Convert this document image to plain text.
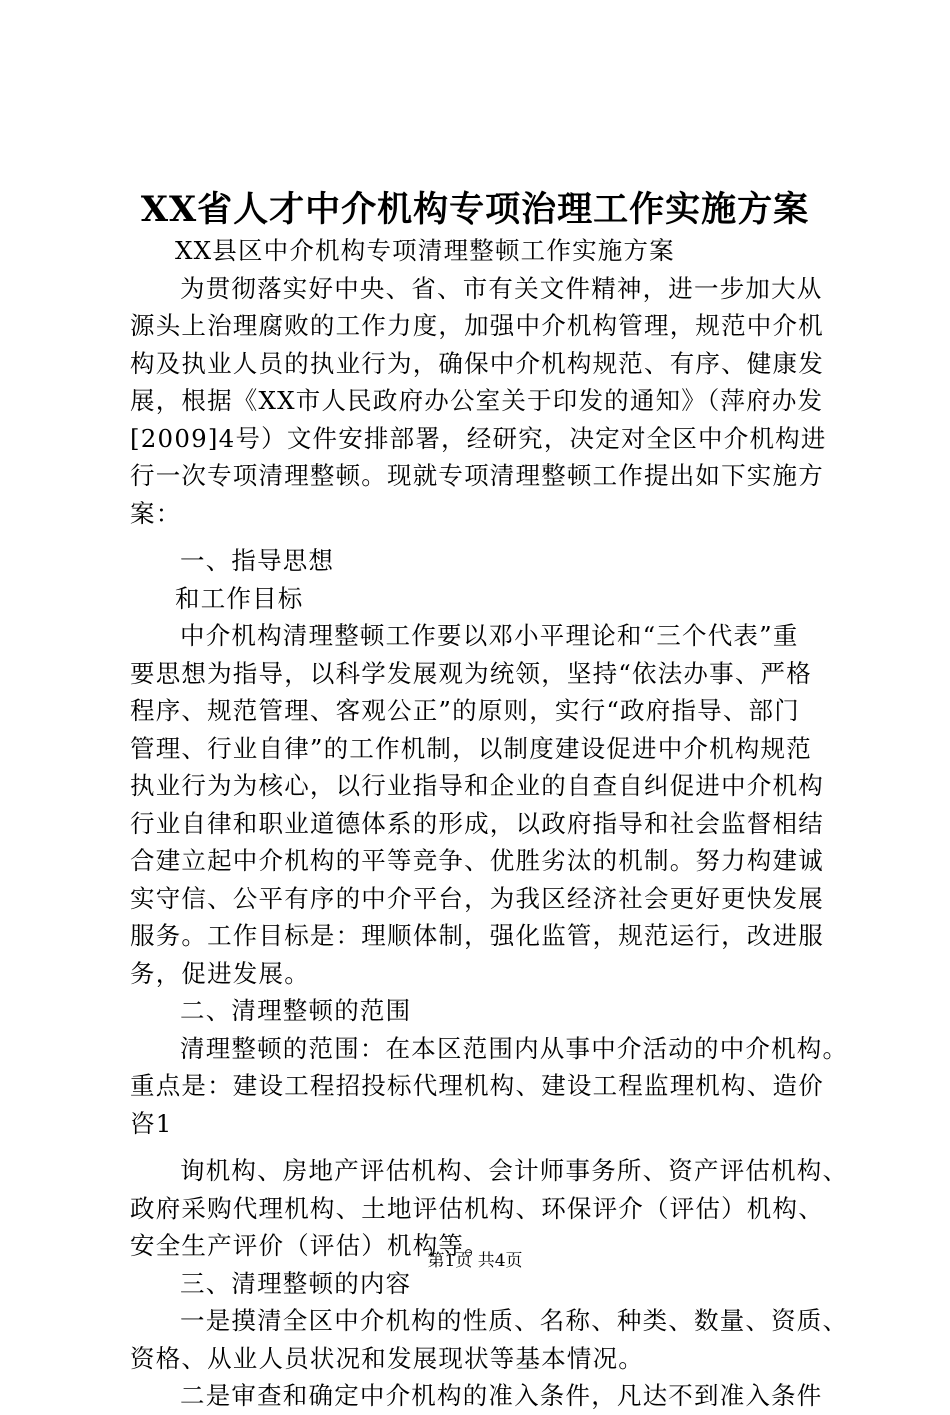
XX省人才中介机构专项治理工作实施方案
XX县区中介机构专项清理整顿工作实施方案
为贯彻落实好中央、省、市有关文件精神，进一步加大从
源头上治理腐败的工作力度，加强中介机构管理，规范中介机
构及执业人员的执业行为，确保中介机构规范、有序、健康发
展，根据《XX市人民政府办公室关于印发的通知》（萍府办发
[2009]4号）文件安排部署，经研究，决定对全区中介机构进
行一次专项清理整顿。现就专项清理整顿工作提出如下实施方
案：
一、指导思想
和工作目标
中介机构清理整顿工作要以邓小平理论和“三个代表”重
要思想为指导，以科学发展观为统领，坚持“依法办事、严格
程序、规范管理、客观公正”的原则，实行“政府指导、部门
管理、行业自律”的工作机制，以制度建设促进中介机构规范
执业行为为核心，以行业指导和企业的自查自纠促进中介机构
行业自律和职业道德体系的形成，以政府指导和社会监督相结
合建立起中介机构的平等竞争、优胜劣汰的机制。努力构建诚
实守信、公平有序的中介平台，为我区经济社会更好更快发展
服务。工作目标是：理顺体制，强化监管，规范运行，改进服
务，促进发展。
二、清理整顿的范围
清理整顿的范围：在本区范围内从事中介活动的中介机构。
重点是：建设工程招投标代理机构、建设工程监理机构、造价
咨1
询机构、房地产评估机构、会计师事务所、资产评估机构、
政府采购代理机构、土地评估机构、环保评介（评估）机构、
安全生产评价（评估）机构等。
三、清理整顿的内容
一是摸清全区中介机构的性质、名称、种类、数量、资质、
资格、从业人员状况和发展现状等基本情况。
二是审查和确定中介机构的准入条件，凡达不到准入条件
第1页 共4页
